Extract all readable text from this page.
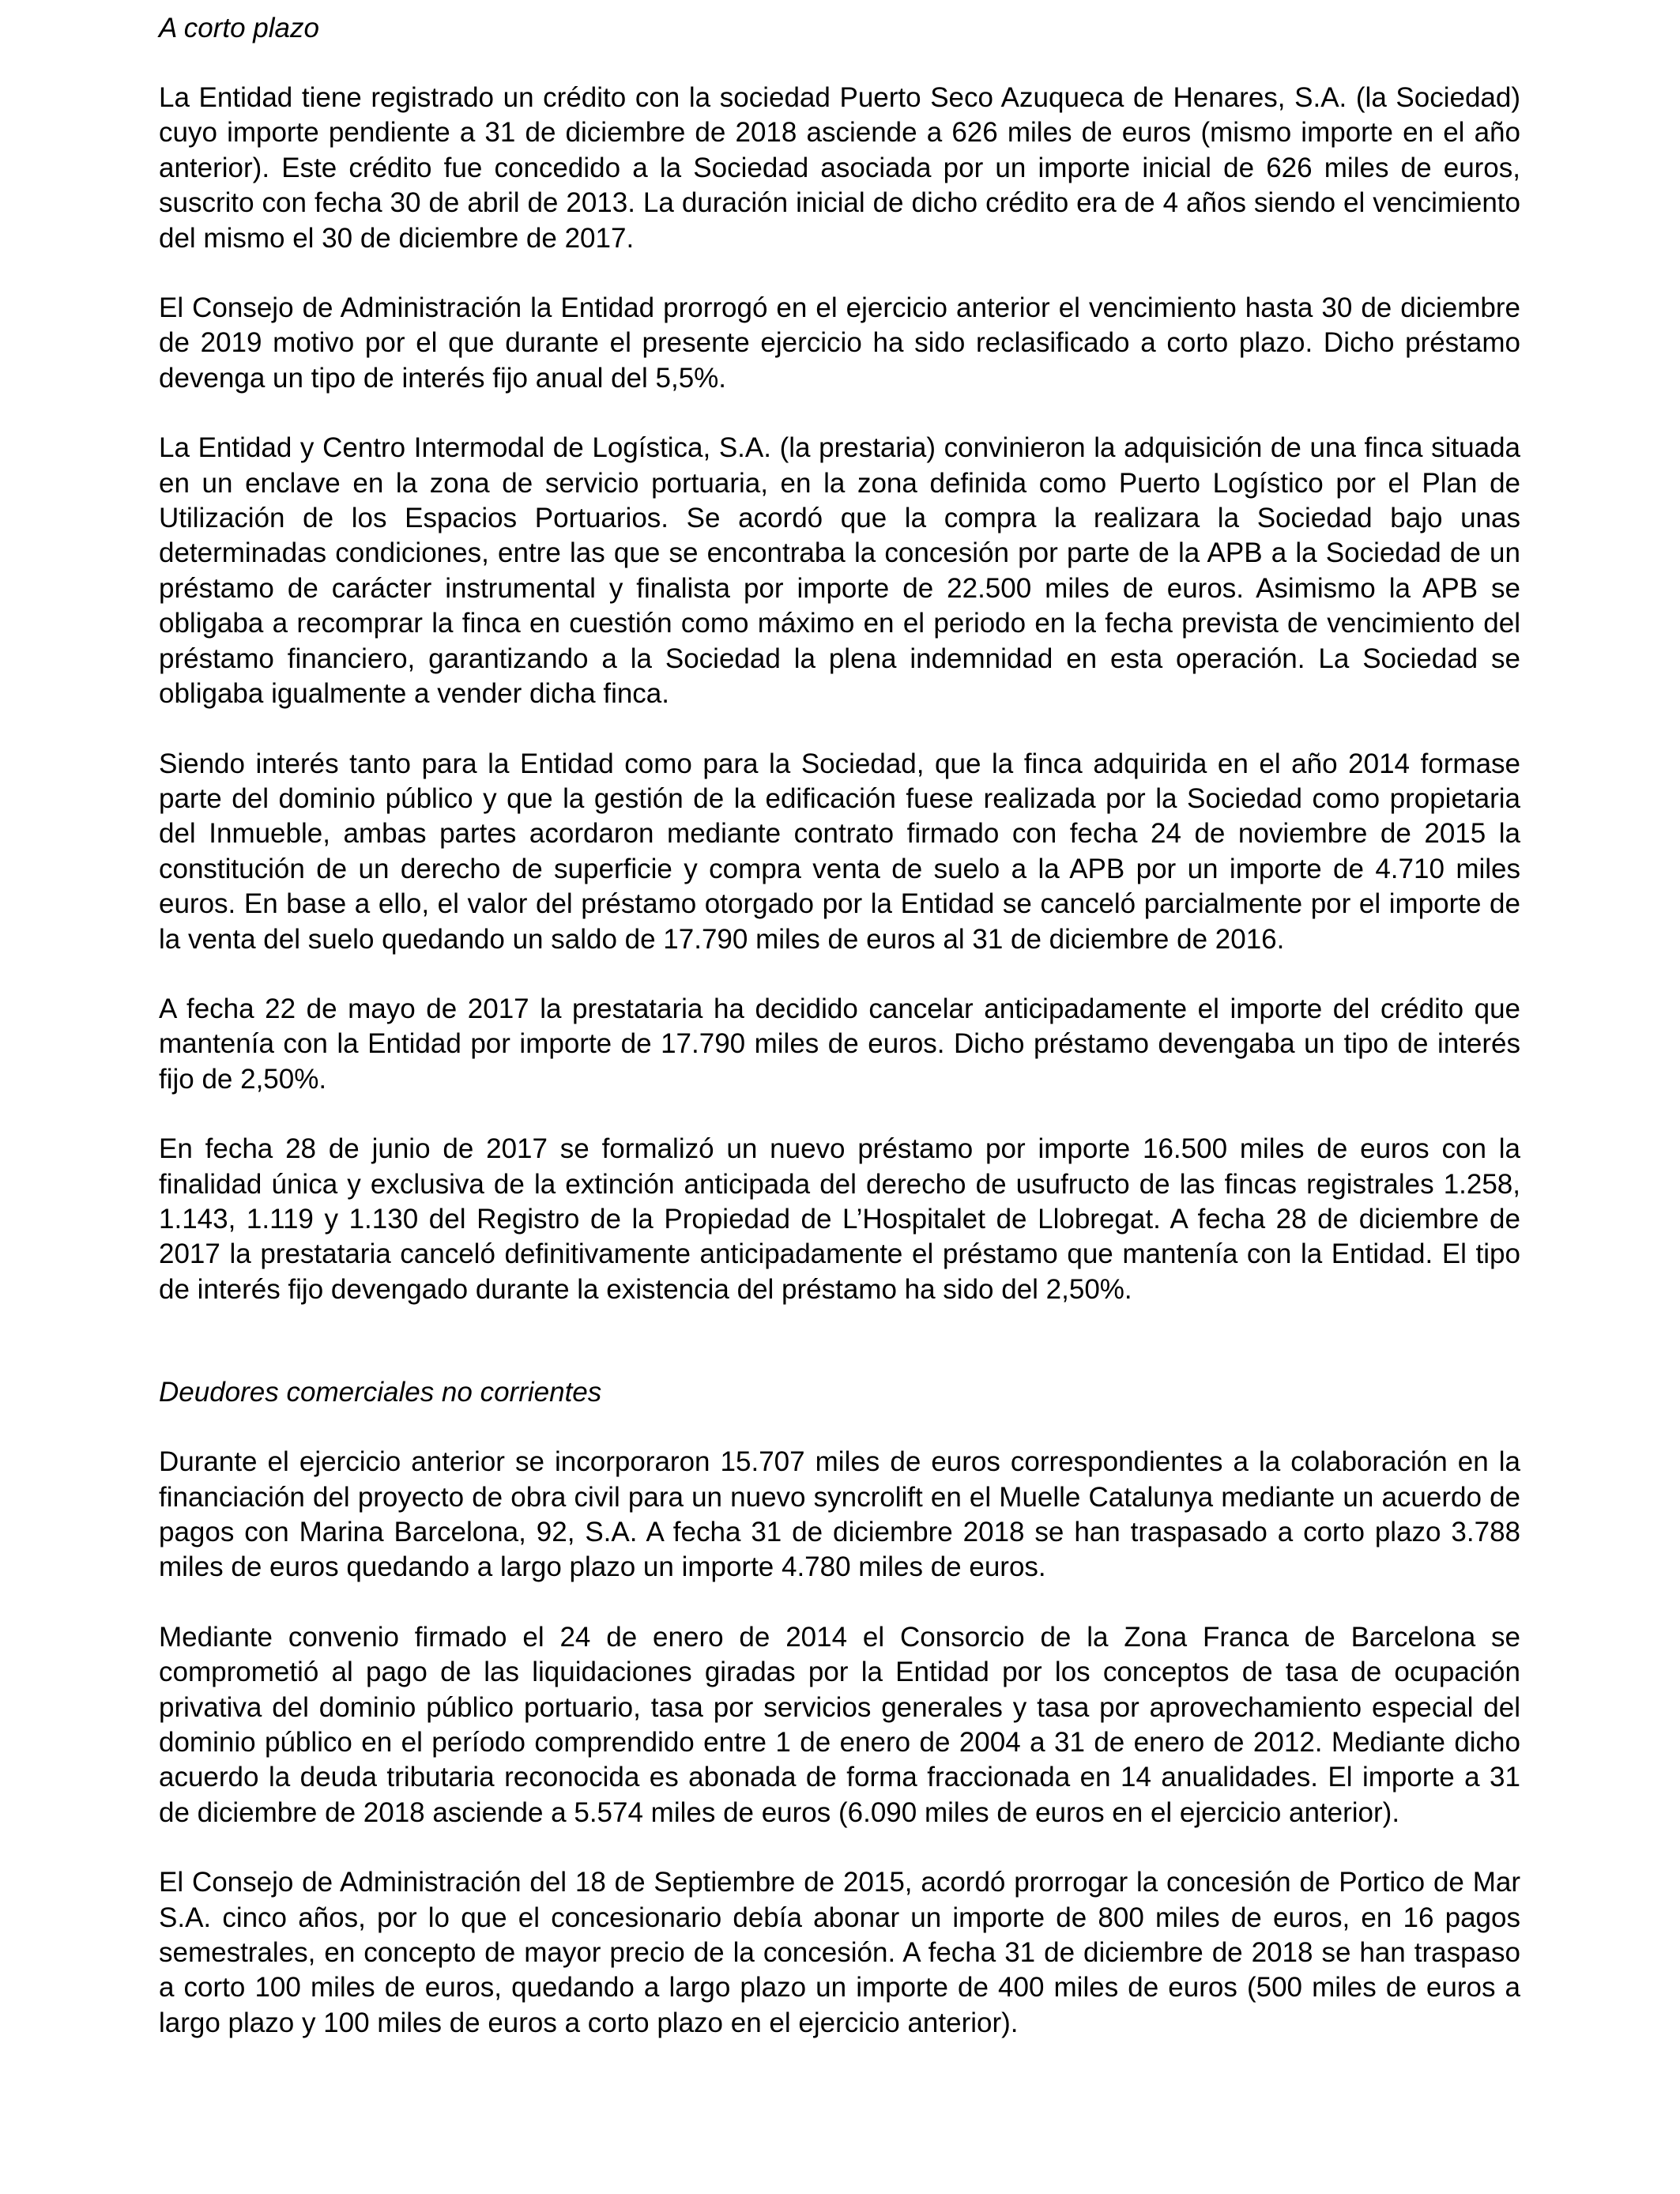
A corto plazo

La Entidad tiene registrado un crédito con la sociedad Puerto Seco Azuqueca de Henares, S.A. (la Sociedad) cuyo importe pendiente a 31 de diciembre de 2018 asciende a 626 miles de euros (mismo importe en el año anterior). Este crédito fue concedido a la Sociedad asociada por un importe inicial de 626 miles de euros, suscrito con fecha 30 de abril de 2013. La duración inicial de dicho crédito era de 4 años siendo el vencimiento del mismo el 30 de diciembre de 2017.

El Consejo de Administración la Entidad prorrogó en el ejercicio anterior el vencimiento hasta 30 de diciembre de 2019 motivo por el que durante el presente ejercicio ha sido reclasificado a corto plazo. Dicho préstamo devenga un tipo de interés fijo anual del 5,5%.

La Entidad y Centro Intermodal de Logística, S.A. (la prestaria) convinieron la adquisición de una finca situada en un enclave en la zona de servicio portuaria, en la zona definida como Puerto Logístico por el Plan de Utilización de los Espacios Portuarios. Se acordó que la compra la realizara la Sociedad bajo unas determinadas condiciones, entre las que se encontraba la concesión por parte de la APB a la Sociedad de un préstamo de carácter instrumental y finalista por importe de 22.500 miles de euros. Asimismo la APB se obligaba a recomprar la finca en cuestión como máximo en el periodo en la fecha prevista de vencimiento del préstamo financiero, garantizando a la Sociedad la plena indemnidad en esta operación. La Sociedad se obligaba igualmente a vender dicha finca.

Siendo interés tanto para la Entidad como para la Sociedad, que la finca adquirida en el año 2014 formase parte del dominio público y que la gestión de la edificación fuese realizada por la Sociedad como propietaria del Inmueble, ambas partes acordaron mediante contrato firmado con fecha 24 de noviembre de 2015 la constitución de un derecho de superficie y compra venta de suelo a la APB por un importe de 4.710 miles euros. En base a ello, el valor del préstamo otorgado por la Entidad se canceló parcialmente por el importe de la venta del suelo quedando un saldo de 17.790 miles de euros al 31 de diciembre de 2016.

A fecha 22 de mayo de 2017 la prestataria ha decidido cancelar anticipadamente el importe del crédito que mantenía con la Entidad por importe de 17.790 miles de euros. Dicho préstamo devengaba un tipo de interés fijo de 2,50%.

En fecha 28 de junio de 2017 se formalizó un nuevo préstamo por importe 16.500 miles de euros con la finalidad única y exclusiva de la extinción anticipada del derecho de usufructo de las fincas registrales 1.258, 1.143, 1.119 y 1.130 del Registro de la Propiedad de L’Hospitalet de Llobregat. A fecha 28 de diciembre de 2017 la prestataria canceló definitivamente anticipadamente el préstamo que mantenía con la Entidad. El tipo de interés fijo devengado durante la existencia del préstamo ha sido del 2,50%.

Deudores comerciales no corrientes

Durante el ejercicio anterior se incorporaron 15.707 miles de euros correspondientes a la colaboración en la financiación del proyecto de obra civil para un nuevo syncrolift en el Muelle Catalunya mediante un acuerdo de pagos con Marina Barcelona, 92, S.A. A fecha 31 de diciembre 2018 se han traspasado a corto plazo 3.788 miles de euros quedando a largo plazo un importe 4.780 miles de euros.

Mediante convenio firmado el 24 de enero de 2014 el Consorcio de la Zona Franca de Barcelona se comprometió al pago de las liquidaciones giradas por la Entidad por los conceptos de tasa de ocupación privativa del dominio público portuario, tasa por servicios generales y tasa por aprovechamiento especial del dominio público en el período comprendido entre 1 de enero de 2004 a 31 de enero de 2012. Mediante dicho acuerdo la deuda tributaria reconocida es abonada de forma fraccionada en 14 anualidades. El importe a 31 de diciembre de 2018 asciende a 5.574 miles de euros (6.090 miles de euros en el ejercicio anterior).

El Consejo de Administración del 18 de Septiembre de 2015, acordó prorrogar la concesión de Portico de Mar S.A. cinco años, por lo que el concesionario debía abonar un importe de 800 miles de euros, en 16 pagos semestrales, en concepto de mayor precio de la concesión. A fecha 31 de diciembre de 2018 se han traspaso a corto 100 miles de euros, quedando a largo plazo un importe de 400 miles de euros (500 miles de euros a largo plazo y 100 miles de euros a corto plazo en el ejercicio anterior).
